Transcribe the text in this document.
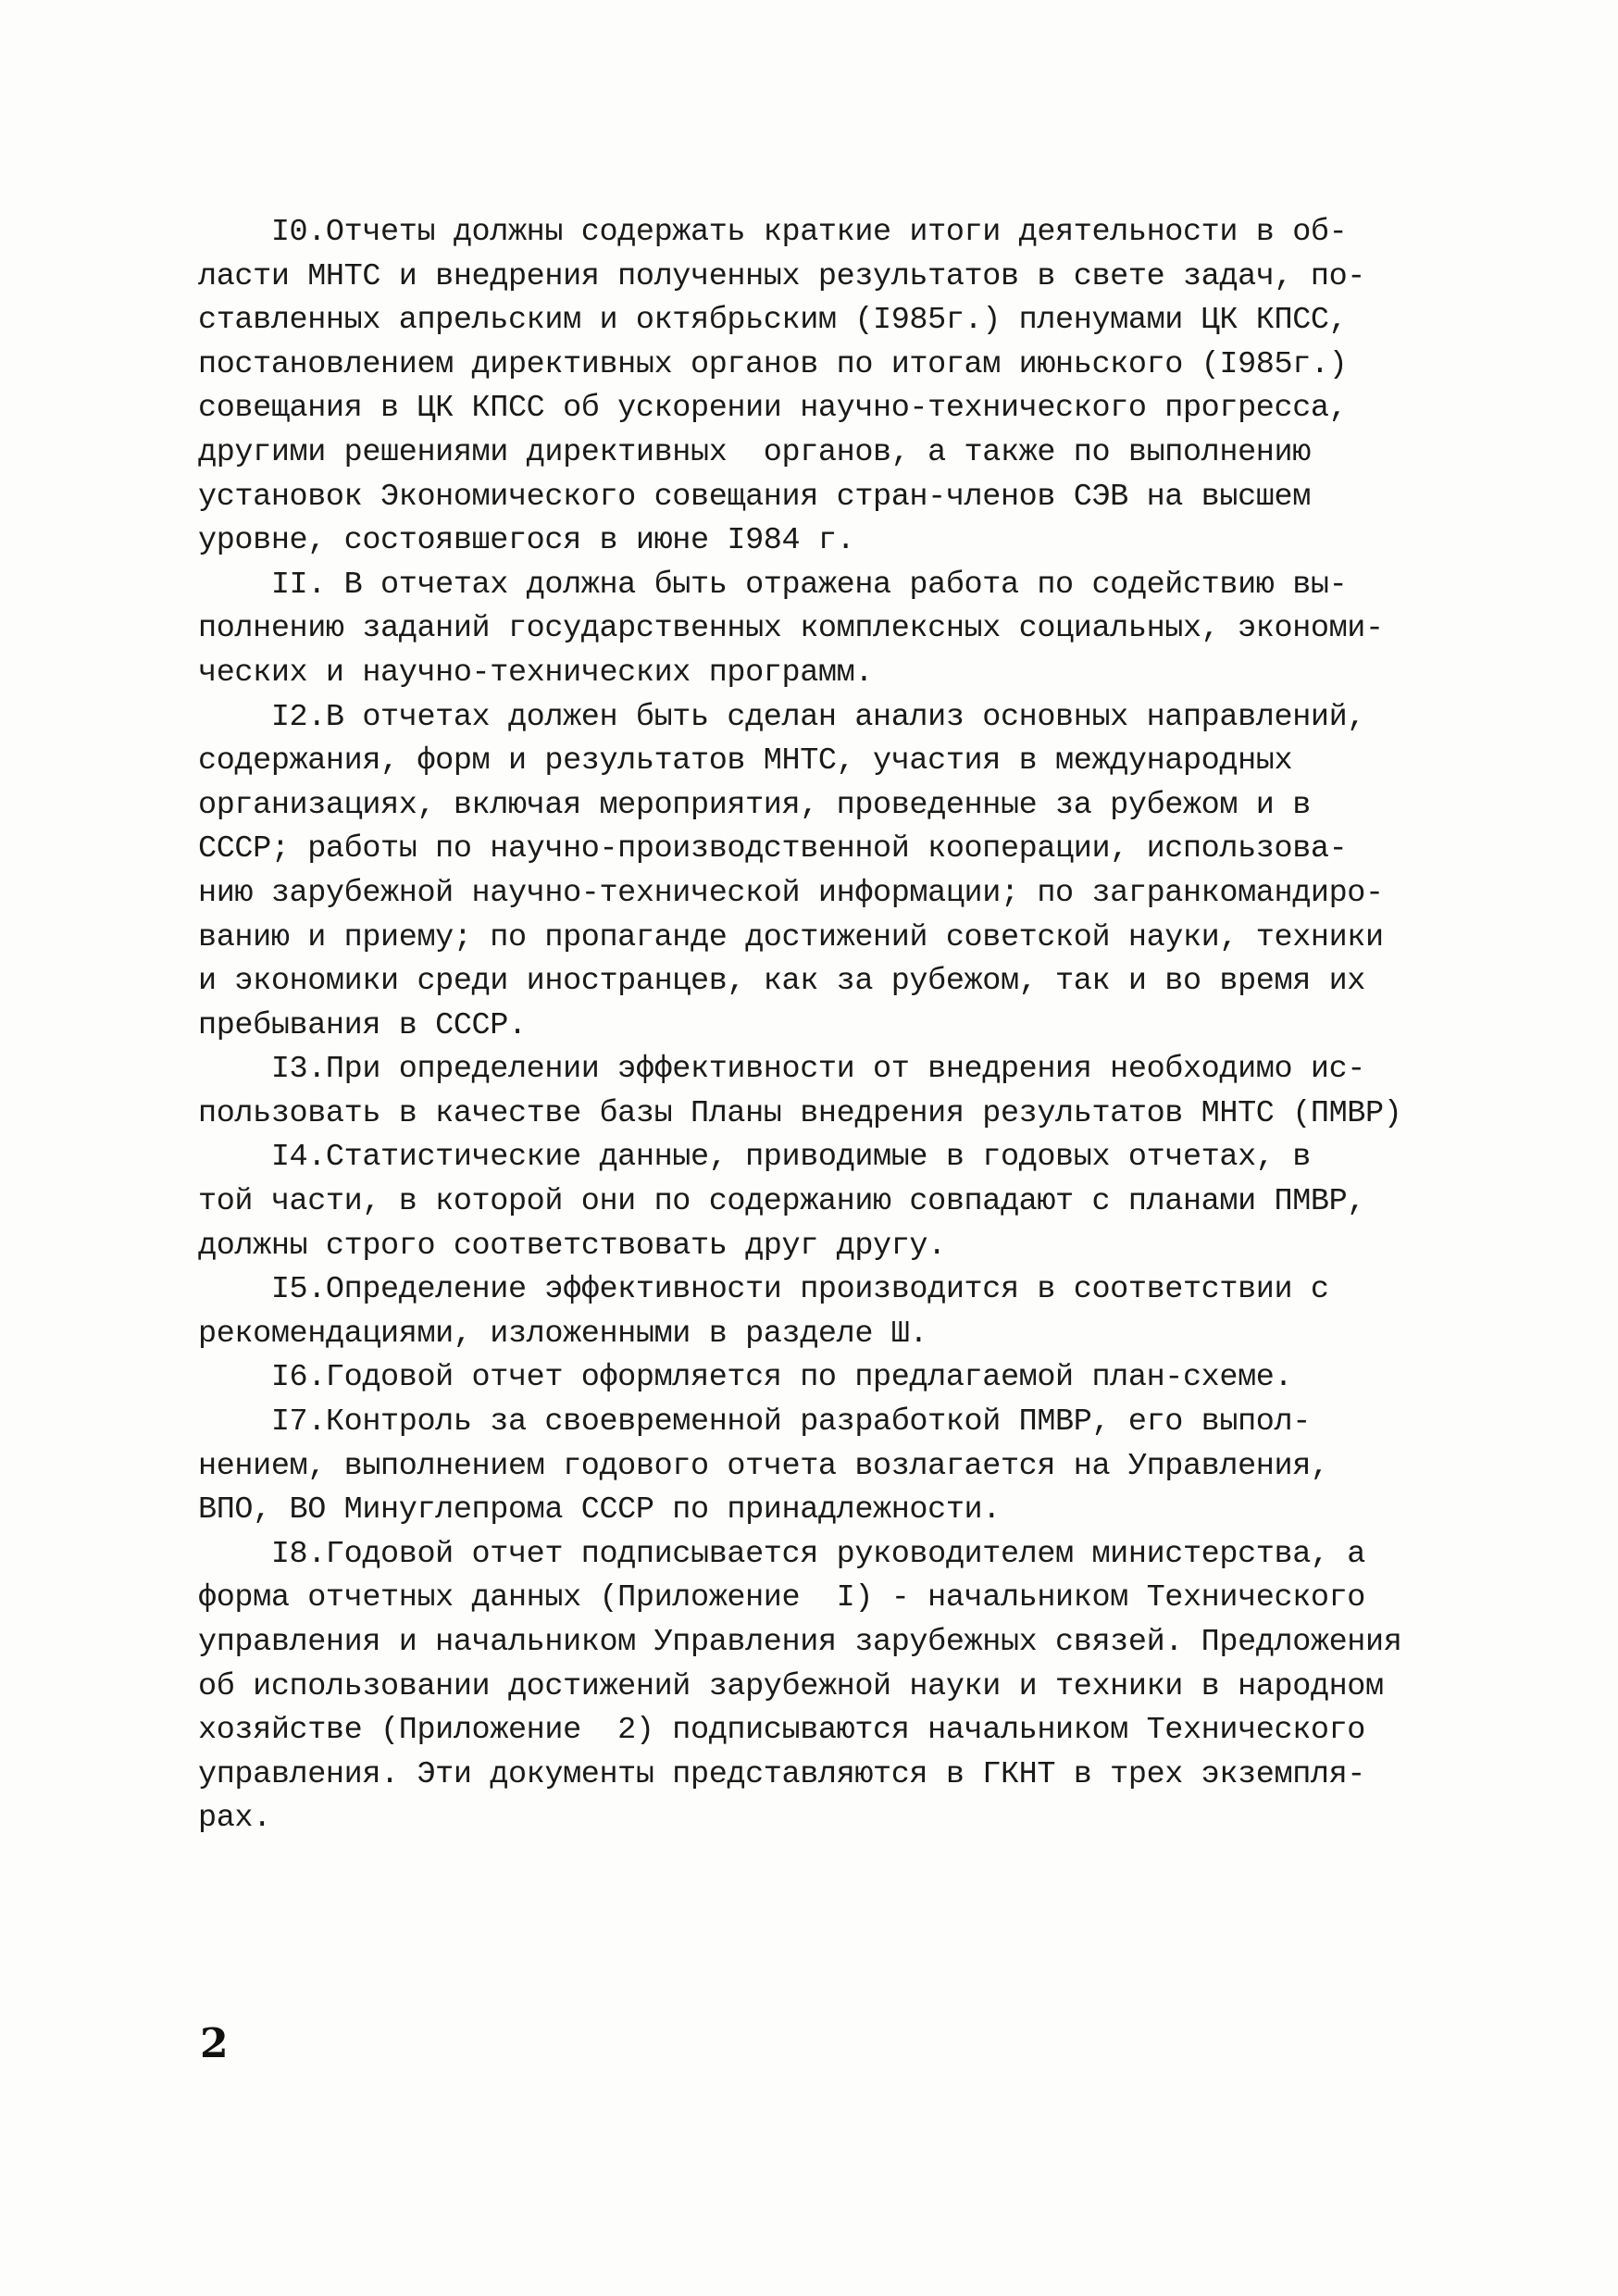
I0.Отчеты должны содержать краткие итоги деятельности в об-
ласти МНТС и внедрения полученных результатов в свете задач, по-
ставленных апрельским и октябрьским (I985г.) пленумами ЦК КПСС,
постановлением директивных органов по итогам июньского (I985г.)
совещания в ЦК КПСС об ускорении научно-технического прогресса,
другими решениями директивных  органов, а также по выполнению
установок Экономического совещания стран-членов СЭВ на высшем
уровне, состоявшегося в июне I984 г.
II. В отчетах должна быть отражена работа по содействию вы-
полнению заданий государственных комплексных социальных, экономи-
ческих и научно-технических программ.
I2.В отчетах должен быть сделан анализ основных направлений,
содержания, форм и результатов МНТС, участия в международных
организациях, включая мероприятия, проведенные за рубежом и в
СССР; работы по научно-производственной кооперации, использова-
нию зарубежной научно-технической информации; по загранкомандиро-
ванию и приему; по пропаганде достижений советской науки, техники
и экономики среди иностранцев, как за рубежом, так и во время их
пребывания в СССР.
I3.При определении эффективности от внедрения необходимо ис-
пользовать в качестве базы Планы внедрения результатов МНТС (ПМВР)
I4.Статистические данные, приводимые в годовых отчетах, в
той части, в которой они по содержанию совпадают с планами ПМВР,
должны строго соответствовать друг другу.
I5.Определение эффективности производится в соответствии с
рекомендациями, изложенными в разделе Ш.
I6.Годовой отчет оформляется по предлагаемой план-схеме.
I7.Контроль за своевременной разработкой ПМВР, его выпол-
нением, выполнением годового отчета возлагается на Управления,
ВПО, ВО Минуглепрома СССР по принадлежности.
I8.Годовой отчет подписывается руководителем министерства, а
форма отчетных данных (Приложение  I) - начальником Технического
управления и начальником Управления зарубежных связей. Предложения
об использовании достижений зарубежной науки и техники в народном
хозяйстве (Приложение  2) подписываются начальником Технического
управления. Эти документы представляются в ГКНТ в трех экземпля-
рах.
2
